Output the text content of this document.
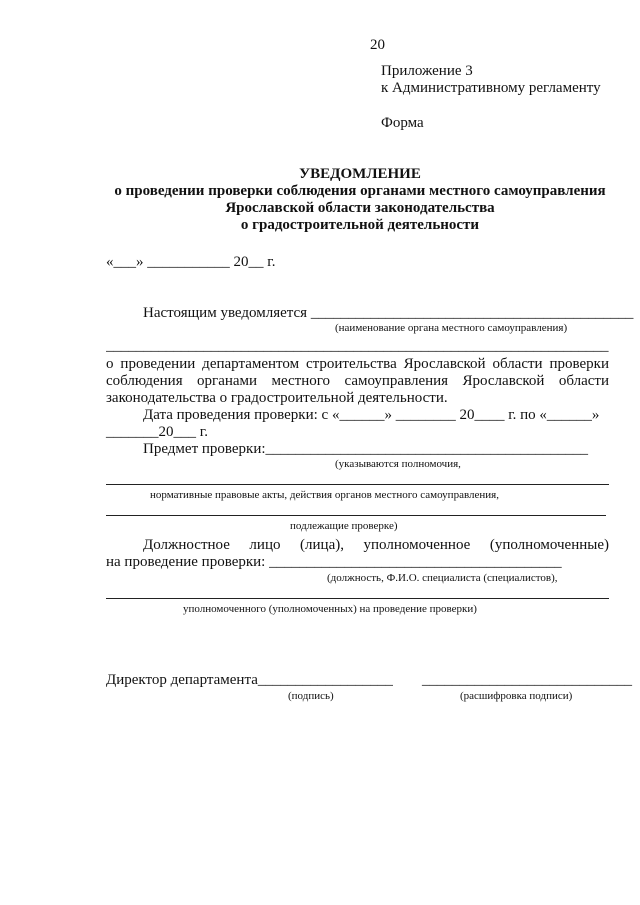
20
Приложение 3
к Административному регламенту
Форма
УВЕДОМЛЕНИЕ
о проведении проверки соблюдения органами местного самоуправления
Ярославской области законодательства
о градостроительной деятельности
«___» ___________ 20__ г.
Настоящим уведомляется ___________________________________________
(наименование органа местного самоуправления)
___________________________________________________________________
о проведении департаментом строительства Ярославской области проверки
соблюдения органами местного самоуправления Ярославской области
законодательства о градостроительной деятельности.
Дата проведения проверки: с «______» ________ 20____ г. по «______»
_______20___ г.
Предмет проверки:___________________________________________
(указываются полномочия,
нормативные правовые акты, действия органов местного самоуправления,
подлежащие проверке)
Должностное лицо (лица), уполномоченное (уполномоченные)
на проведение проверки: _______________________________________
(должность, Ф.И.О. специалиста (специалистов),
уполномоченного (уполномоченных) на проведение проверки)
Директор департамента__________________ ____________________________
(подпись)	(расшифровка подписи)
